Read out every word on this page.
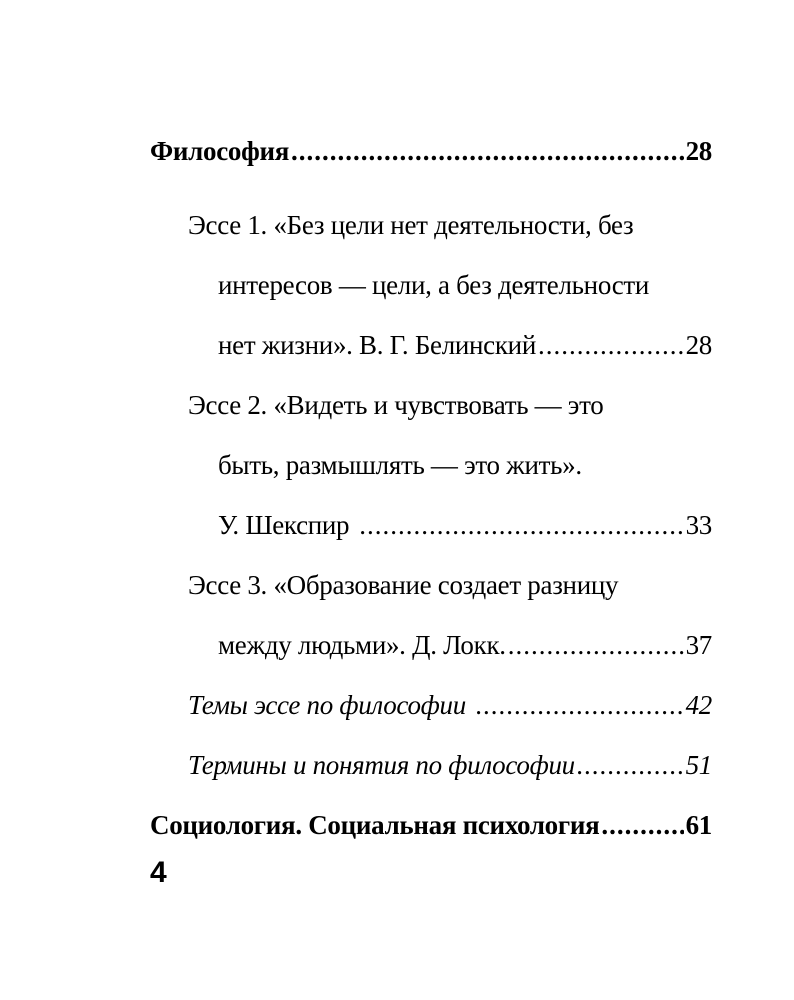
Философия .....	28
Эссе 1. «Без цели нет деятельности, без
интересов — цели, а без деятельности
нет жизни». В. Г. Белинский .....	28
Эссе 2. «Видеть и чувствовать — это
быть, размышлять — это жить».
У. Шекспир .....	33
Эссе 3. «Образование создает разницу
между людьми». Д. Локк. .....	37
Темы эссе по философии .....	42
Термины и понятия по философии .....	51
Социология. Социальная психология .....	61
4
